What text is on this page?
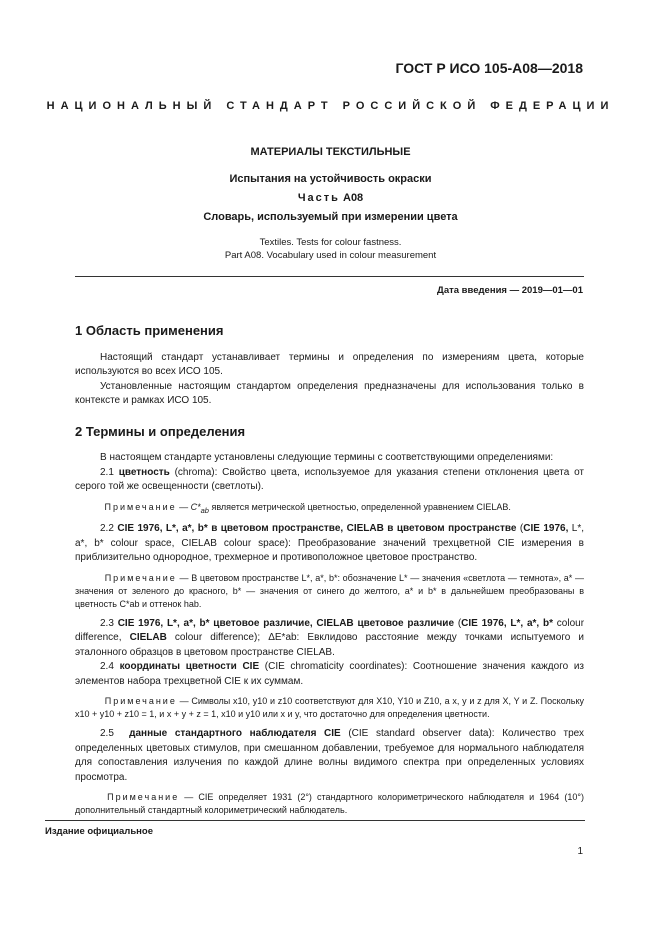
ГОСТ Р ИСО 105-А08—2018
НАЦИОНАЛЬНЫЙ СТАНДАРТ РОССИЙСКОЙ ФЕДЕРАЦИИ
МАТЕРИАЛЫ ТЕКСТИЛЬНЫЕ
Испытания на устойчивость окраски
Часть А08
Словарь, используемый при измерении цвета
Textiles. Tests for colour fastness.
Part A08. Vocabulary used in colour measurement
Дата введения — 2019—01—01
1 Область применения

   Настоящий стандарт устанавливает термины и определения по измерениям цвета, которые используются во всех ИСО 105.

   Установленные настоящим стандартом определения предназначены для использования только в контексте и рамках ИСО 105.

2 Термины и определения

   В настоящем стандарте установлены следующие термины с соответствующими определениями:

   2.1 цветность (chroma): Свойство цвета, используемое для указания степени отклонения цвета от серого той же освещенности (светлоты).

    Примечание — $C*_{ab}$ является метрической цветностью, определенной уравнением CIELAB.

   2.2 CIE 1976, L*, a*, b* в цветовом пространстве, CIELAB в цветовом пространстве (CIE 1976, L*, a*, b* colour space, CIELAB colour space): Преобразование значений трехцветной CIE измерения в приблизительно однородное, трехмерное и противоположное цветовое пространство.

    Примечание — В цветовом пространстве L*, a*, b*: обозначение L* — значения «светлота — темнота», a* — значения от зеленого до красного, b* — значения от синего до желтого, a* и b* в дальнейшем преобразованы в цветность C*ab и оттенок hab.

   2.3 CIE 1976, L*, a*, b* цветовое различие, CIELAB цветовое различие (CIE 1976, L*, a*, b* colour difference, CIELAB colour difference); ΔE*ab: Евклидово расстояние между точками испытуемого и эталонного образцов в цветовом пространстве CIELAB.

   2.4 координаты цветности CIE (CIE chromaticity coordinates): Соотношение значения каждого из элементов набора трехцветной CIE к их суммам.

    Примечание — Символы x10, y10 и z10 соответствуют для X10, Y10 и Z10, а x, y и z для X, Y и Z. Поскольку x10 + y10 + z10 = 1, и x + y + z = 1, x10 и y10 или x и y, что достаточно для определения цветности.

   2.5 данные стандартного наблюдателя CIE (CIE standard observer data): Количество трех определенных цветовых стимулов, при смешанном добавлении, требуемое для нормального наблюдателя для сопоставления излучения по каждой длине волны видимого спектра при определенных условиях просмотра.

    Примечание — CIE определяет 1931 (2°) стандартного колориметрического наблюдателя и 1964 (10°) дополнительный стандартный колориметрический наблюдатель.
Издание официальное
1
